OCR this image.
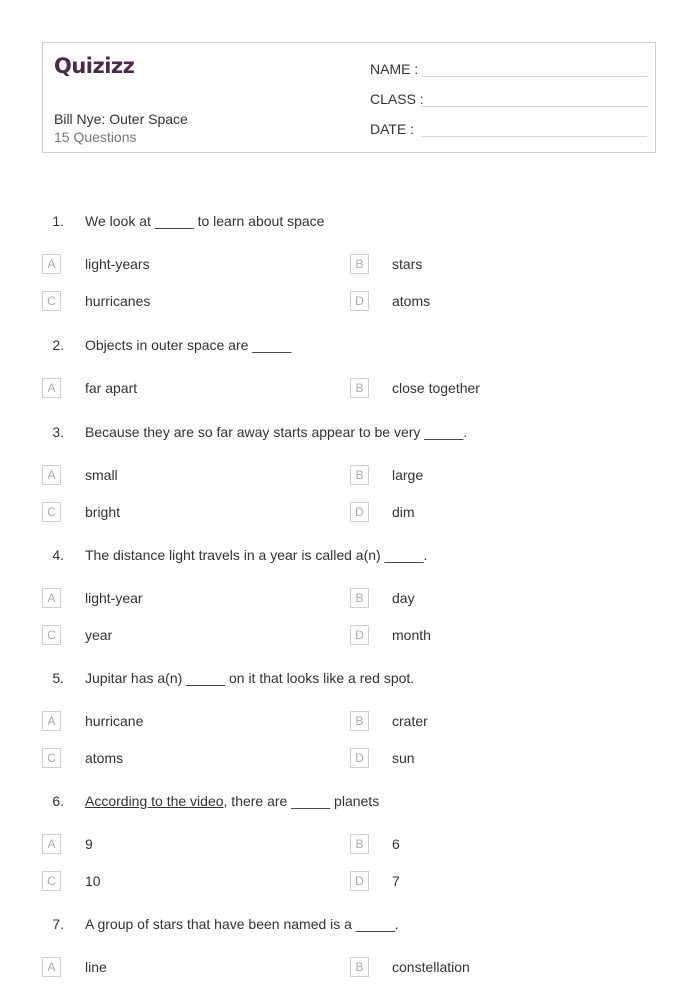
Quizizz
Bill Nye: Outer Space
15 Questions
NAME :
CLASS :
DATE :
1. We look at _____ to learn about space
A	light-years	B	stars
C	hurricanes	D	atoms
2. Objects in outer space are _____
A	far apart	B	close together
3. Because they are so far away starts appear to be very _____.
A	small	B	large
C	bright	D	dim
4. The distance light travels in a year is called a(n) _____.
A	light-year	B	day
C	year	D	month
5. Jupitar has a(n) _____ on it that looks like a red spot.
A	hurricane	B	crater
C	atoms	D	sun
6. According to the video, there are _____ planets
A	9	B	6
C	10	D	7
7. A group of stars that have been named is a _____.
A	line	B	constellation
